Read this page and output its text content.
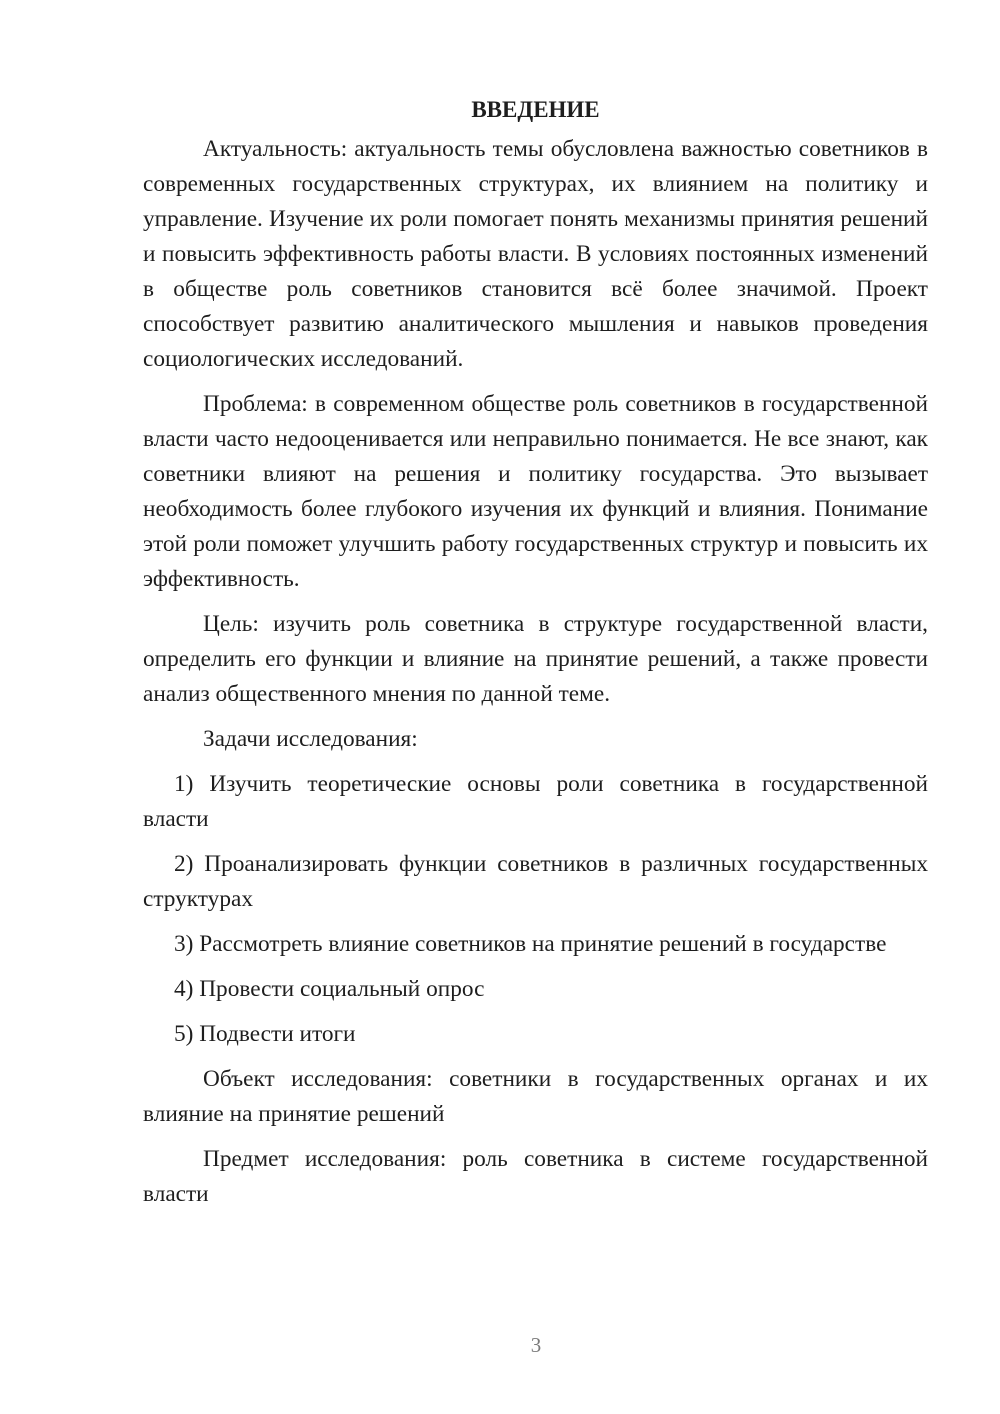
ВВЕДЕНИЕ

Актуальность: актуальность темы обусловлена важностью советников в современных государственных структурах, их влиянием на политику и управление. Изучение их роли помогает понять механизмы принятия решений и повысить эффективность работы власти. В условиях постоянных изменений в обществе роль советников становится всё более значимой. Проект способствует развитию аналитического мышления и навыков проведения социологических исследований.

Проблема: в современном обществе роль советников в государственной власти часто недооценивается или неправильно понимается. Не все знают, как советники влияют на решения и политику государства. Это вызывает необходимость более глубокого изучения их функций и влияния. Понимание этой роли поможет улучшить работу государственных структур и повысить их эффективность.

Цель: изучить роль советника в структуре государственной власти, определить его функции и влияние на принятие решений, а также провести анализ общественного мнения по данной теме.

Задачи исследования:

1) Изучить теоретические основы роли советника в государственной власти

2) Проанализировать функции советников в различных государственных структурах

3) Рассмотреть влияние советников на принятие решений в государстве

4) Провести социальный опрос

5) Подвести итоги

Объект исследования: советники в государственных органах и их влияние на принятие решений

Предмет исследования: роль советника в системе государственной власти

3
